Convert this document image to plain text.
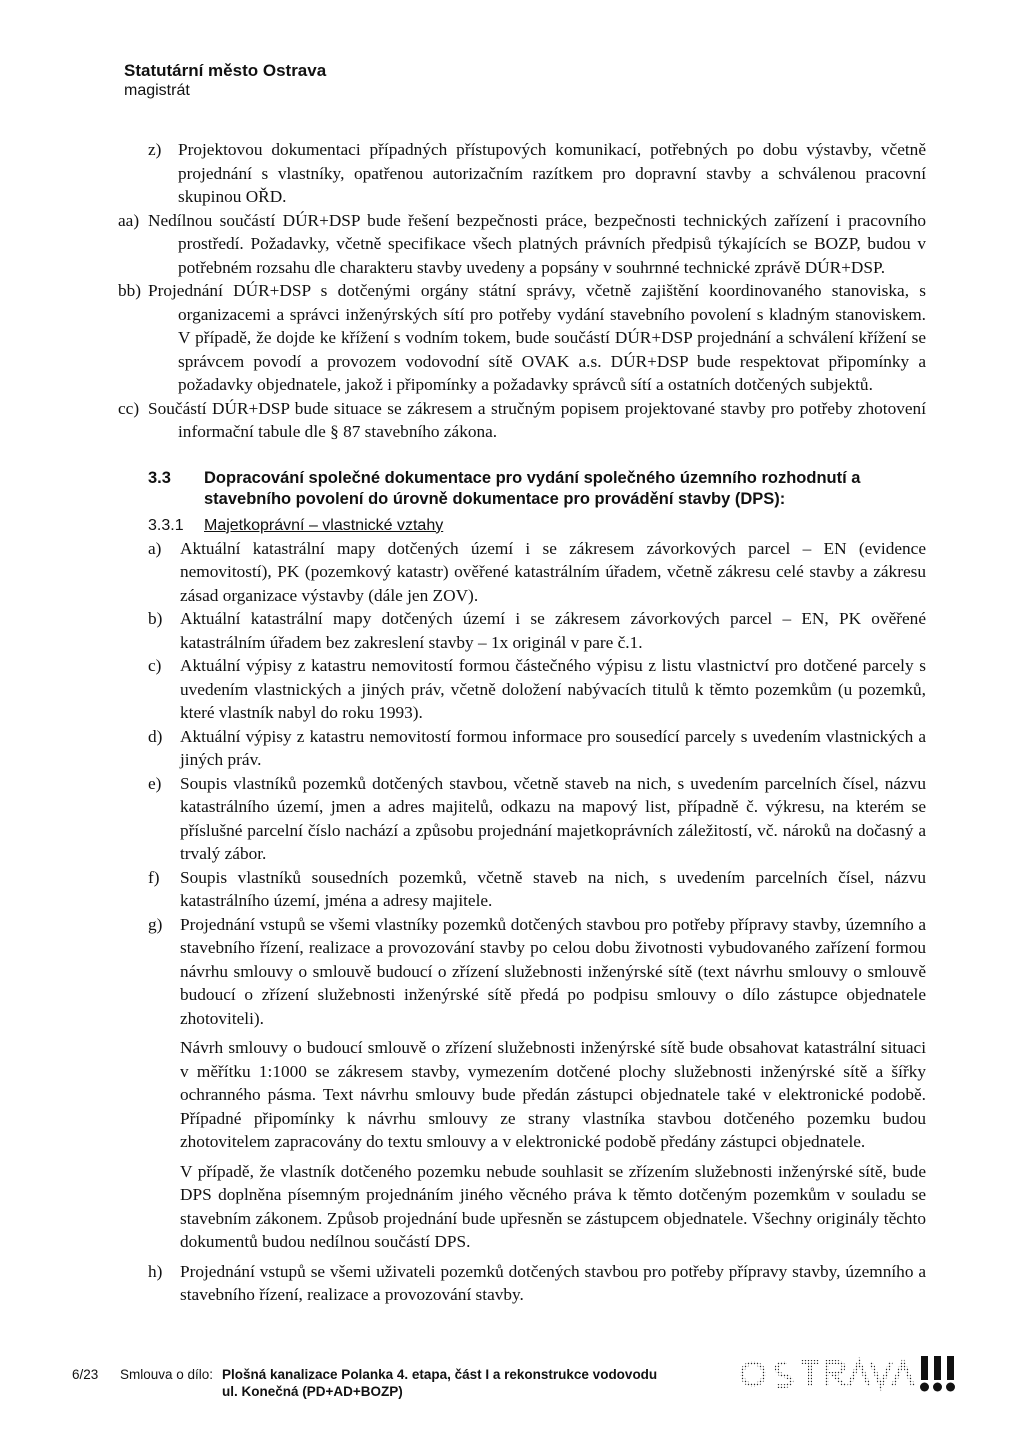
Statutární město Ostrava
magistrát
z) Projektovou dokumentaci případných přístupových komunikací, potřebných po dobu výstavby, včetně projednání s vlastníky, opatřenou autorizačním razítkem pro dopravní stavby a schválenou pracovní skupinou OŘD.
aa) Nedílnou součástí DÚR+DSP bude řešení bezpečnosti práce, bezpečnosti technických zařízení i pracovního prostředí. Požadavky, včetně specifikace všech platných právních předpisů týkajících se BOZP, budou v potřebném rozsahu dle charakteru stavby uvedeny a popsány v souhrnné technické zprávě DÚR+DSP.
bb) Projednání DÚR+DSP s dotčenými orgány státní správy, včetně zajištění koordinovaného stanoviska, s organizacemi a správci inženýrských sítí pro potřeby vydání stavebního povolení s kladným stanoviskem. V případě, že dojde ke křížení s vodním tokem, bude součástí DÚR+DSP projednání a schválení křížení se správcem povodí a provozem vodovodní sítě OVAK a.s. DÚR+DSP bude respektovat připomínky a požadavky objednatele, jakož i připomínky a požadavky správců sítí a ostatních dotčených subjektů.
cc) Součástí DÚR+DSP bude situace se zákresem a stručným popisem projektované stavby pro potřeby zhotovení informační tabule dle § 87 stavebního zákona.
3.3	Dopracování společné dokumentace pro vydání společného územního rozhodnutí a stavebního povolení do úrovně dokumentace pro provádění stavby (DPS):
3.3.1 Majetkoprávní – vlastnické vztahy
a)	Aktuální katastrální mapy dotčených území i se zákresem závorkových parcel – EN (evidence nemovitostí), PK (pozemkový katastr) ověřené katastrálním úřadem, včetně zákresu celé stavby a zákresu zásad organizace výstavby (dále jen ZOV).
b)	Aktuální katastrální mapy dotčených území i se zákresem závorkových parcel – EN, PK ověřené katastrálním úřadem bez zakreslení stavby – 1x originál v pare č.1.
c)	Aktuální výpisy z katastru nemovitostí formou částečného výpisu z listu vlastnictví pro dotčené parcely s uvedením vlastnických a jiných práv, včetně doložení nabývacích titulů k těmto pozemkům (u pozemků, které vlastník nabyl do roku 1993).
d)	Aktuální výpisy z katastru nemovitostí formou informace pro sousedící parcely s uvedením vlastnických a jiných práv.
e)	Soupis vlastníků pozemků dotčených stavbou, včetně staveb na nich, s uvedením parcelních čísel, názvu katastrálního území, jmen a adres majitelů, odkazu na mapový list, případně č. výkresu, na kterém se příslušné parcelní číslo nachází a způsobu projednání majetkoprávních záležitostí, vč. nároků na dočasný a trvalý zábor.
f)	Soupis vlastníků sousedních pozemků, včetně staveb na nich, s uvedením parcelních čísel, názvu katastrálního území, jména a adresy majitele.
g)	Projednání vstupů se všemi vlastníky pozemků dotčených stavbou pro potřeby přípravy stavby, územního a stavebního řízení, realizace a provozování stavby po celou dobu životnosti vybudovaného zařízení formou návrhu smlouvy o smlouvě budoucí o zřízení služebnosti inženýrské sítě (text návrhu smlouvy o smlouvě budoucí o zřízení služebnosti inženýrské sítě předá po podpisu smlouvy o dílo zástupce objednatele zhotoviteli).
Návrh smlouvy o budoucí smlouvě o zřízení služebnosti inženýrské sítě bude obsahovat katastrální situaci v měřítku 1:1000 se zákresem stavby, vymezením dotčené plochy služebnosti inženýrské sítě a šířky ochranného pásma. Text návrhu smlouvy bude předán zástupci objednatele také v elektronické podobě. Případné připomínky k návrhu smlouvy ze strany vlastníka stavbou dotčeného pozemku budou zhotovitelem zapracovány do textu smlouvy a v elektronické podobě předány zástupci objednatele.
V případě, že vlastník dotčeného pozemku nebude souhlasit se zřízením služebnosti inženýrské sítě, bude DPS doplněna písemným projednáním jiného věcného práva k těmto dotčeným pozemkům v souladu se stavebním zákonem. Způsob projednání bude upřesněn se zástupcem objednatele. Všechny originály těchto dokumentů budou nedílnou součástí DPS.
h)	Projednání vstupů se všemi uživateli pozemků dotčených stavbou pro potřeby přípravy stavby, územního a stavebního řízení, realizace a provozování stavby.
6/23 Smlouva o dílo: Plošná kanalizace Polanka 4. etapa, část I a rekonstrukce vodovodu
ul. Konečná (PD+AD+BOZP)
